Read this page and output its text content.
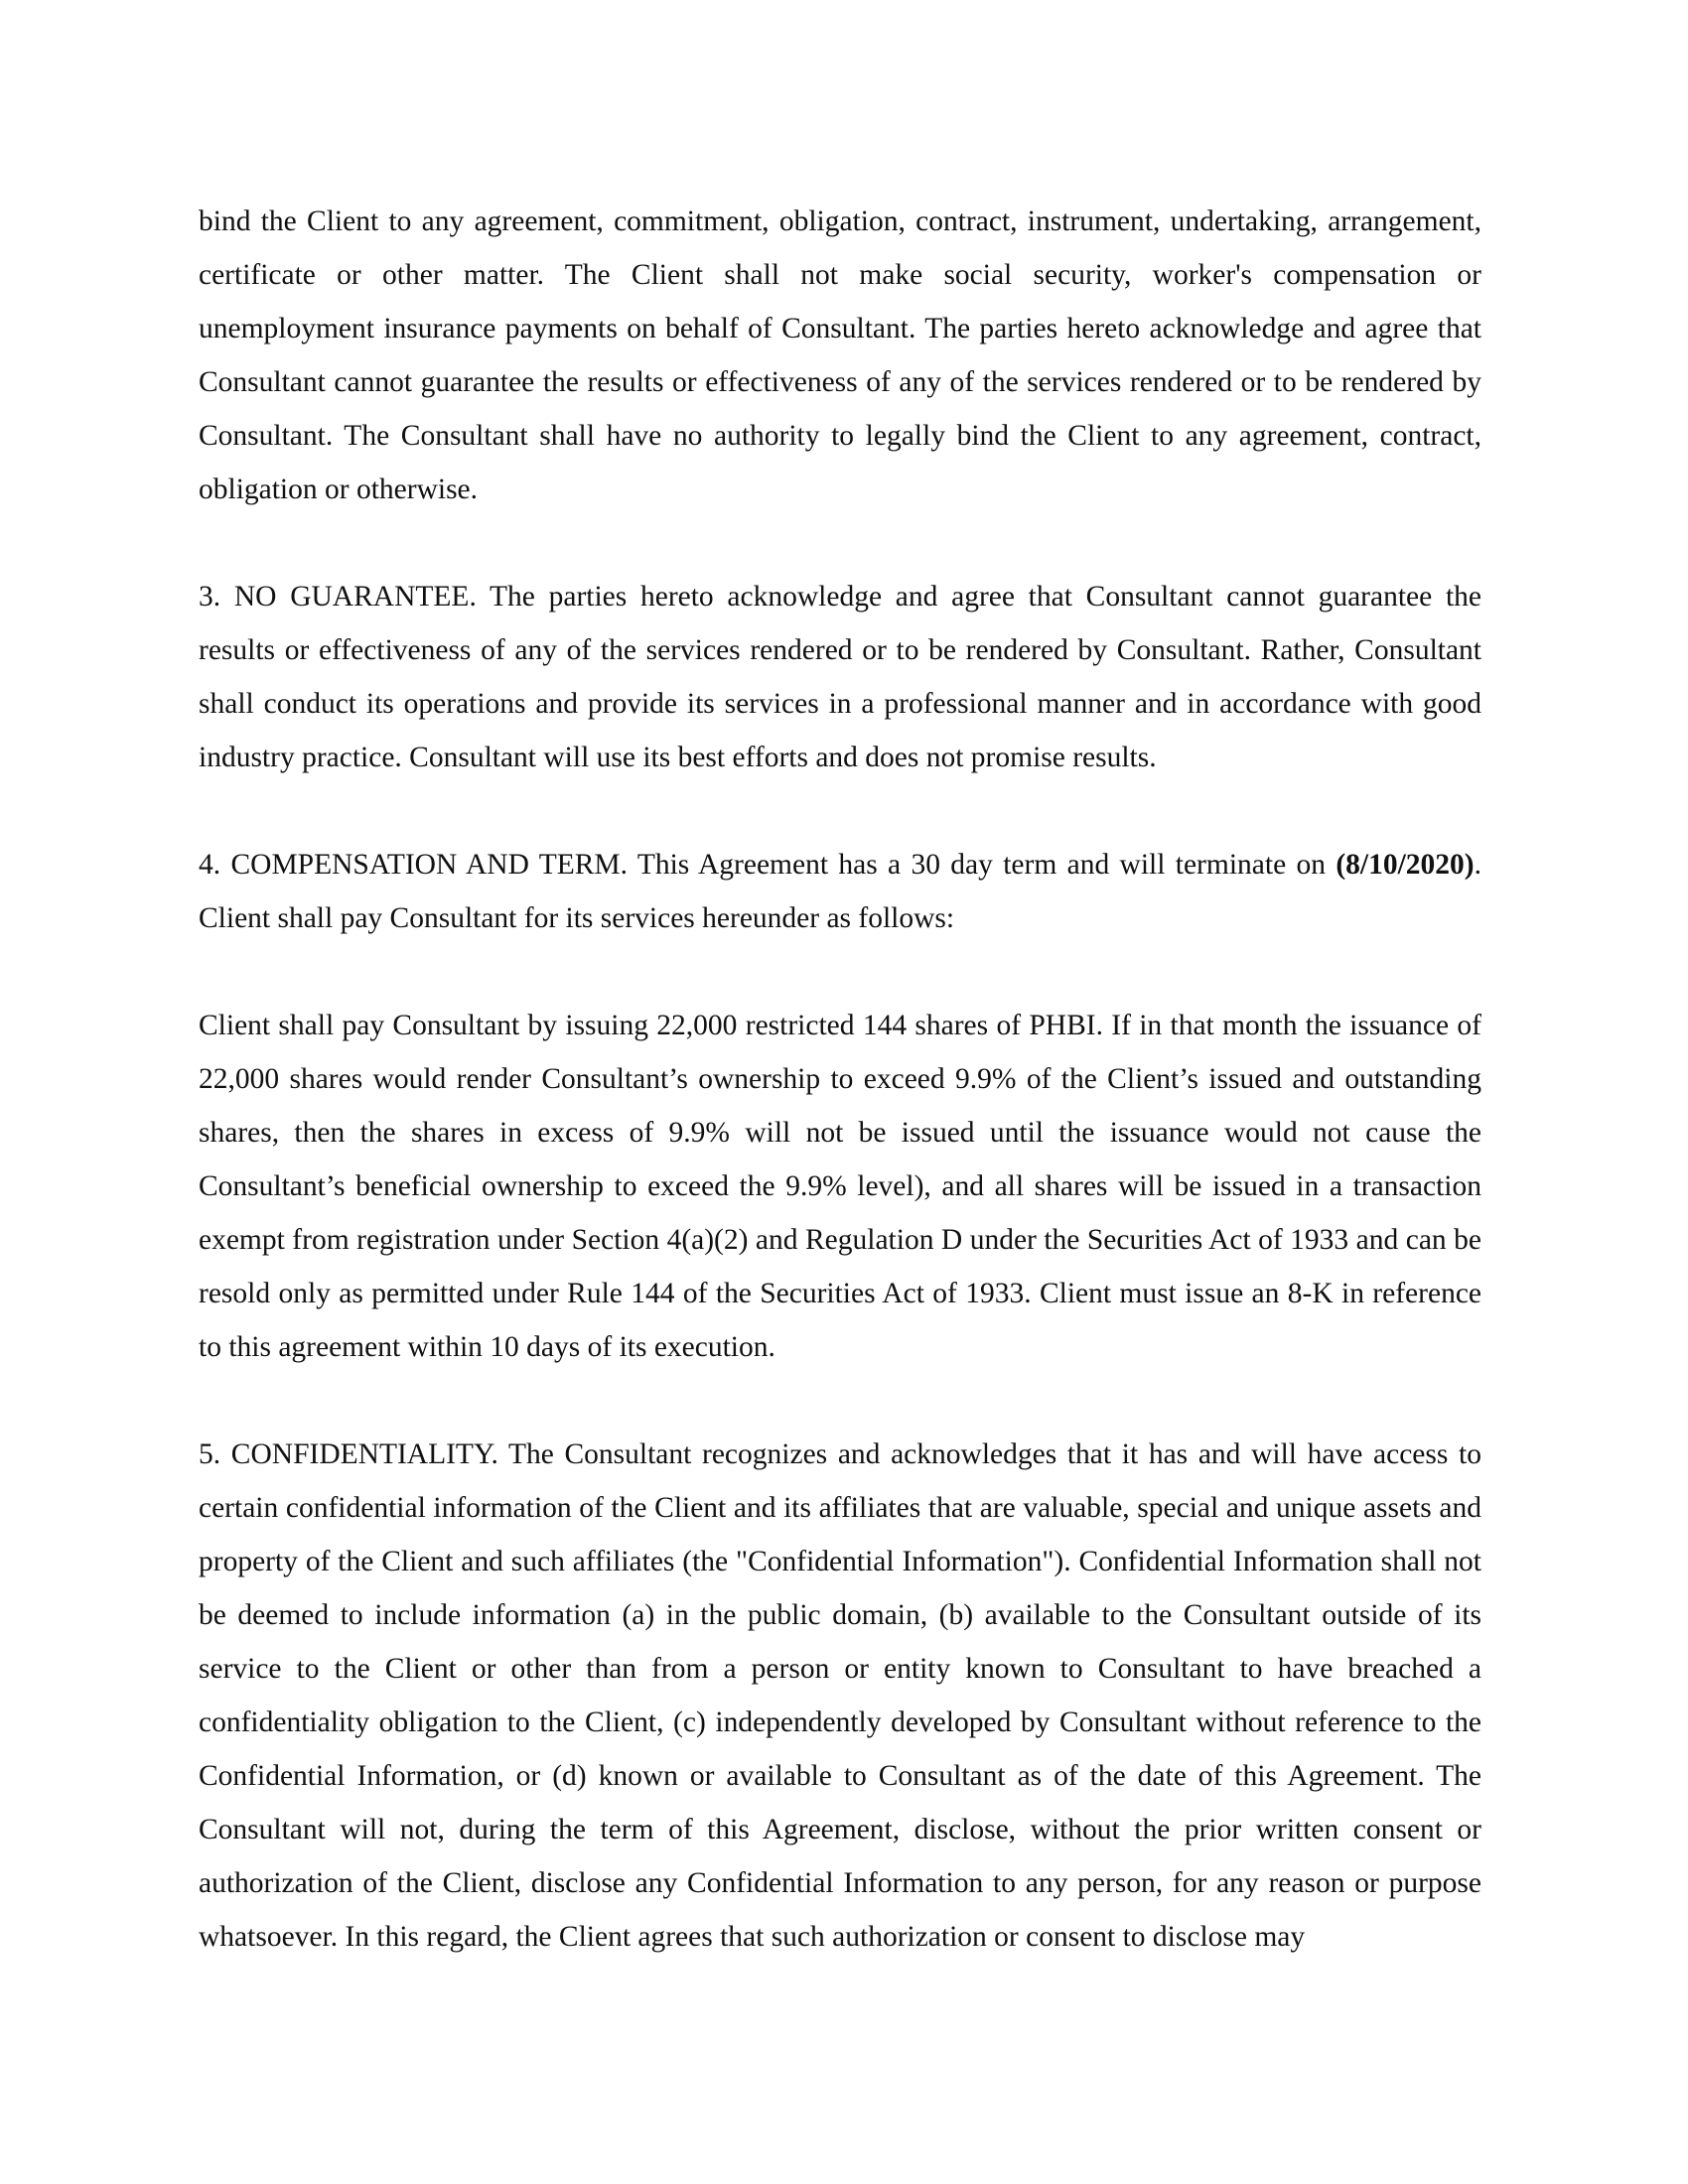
bind the Client to any agreement, commitment, obligation, contract, instrument, undertaking, arrangement, certificate or other matter. The Client shall not make social security, worker's compensation or unemployment insurance payments on behalf of Consultant. The parties hereto acknowledge and agree that Consultant cannot guarantee the results or effectiveness of any of the services rendered or to be rendered by Consultant. The Consultant shall have no authority to legally bind the Client to any agreement, contract, obligation or otherwise.

3. NO GUARANTEE. The parties hereto acknowledge and agree that Consultant cannot guarantee the results or effectiveness of any of the services rendered or to be rendered by Consultant. Rather, Consultant shall conduct its operations and provide its services in a professional manner and in accordance with good industry practice. Consultant will use its best efforts and does not promise results.

4. COMPENSATION AND TERM. This Agreement has a 30 day term and will terminate on (8/10/2020). Client shall pay Consultant for its services hereunder as follows:

Client shall pay Consultant by issuing 22,000 restricted 144 shares of PHBI. If in that month the issuance of 22,000 shares would render Consultant’s ownership to exceed 9.9% of the Client’s issued and outstanding shares, then the shares in excess of 9.9% will not be issued until the issuance would not cause the Consultant’s beneficial ownership to exceed the 9.9% level), and all shares will be issued in a transaction exempt from registration under Section 4(a)(2) and Regulation D under the Securities Act of 1933 and can be resold only as permitted under Rule 144 of the Securities Act of 1933. Client must issue an 8-K in reference to this agreement within 10 days of its execution.

5. CONFIDENTIALITY. The Consultant recognizes and acknowledges that it has and will have access to certain confidential information of the Client and its affiliates that are valuable, special and unique assets and property of the Client and such affiliates (the "Confidential Information"). Confidential Information shall not be deemed to include information (a) in the public domain, (b) available to the Consultant outside of its service to the Client or other than from a person or entity known to Consultant to have breached a confidentiality obligation to the Client, (c) independently developed by Consultant without reference to the Confidential Information, or (d) known or available to Consultant as of the date of this Agreement. The Consultant will not, during the term of this Agreement, disclose, without the prior written consent or authorization of the Client, disclose any Confidential Information to any person, for any reason or purpose whatsoever. In this regard, the Client agrees that such authorization or consent to disclose may
